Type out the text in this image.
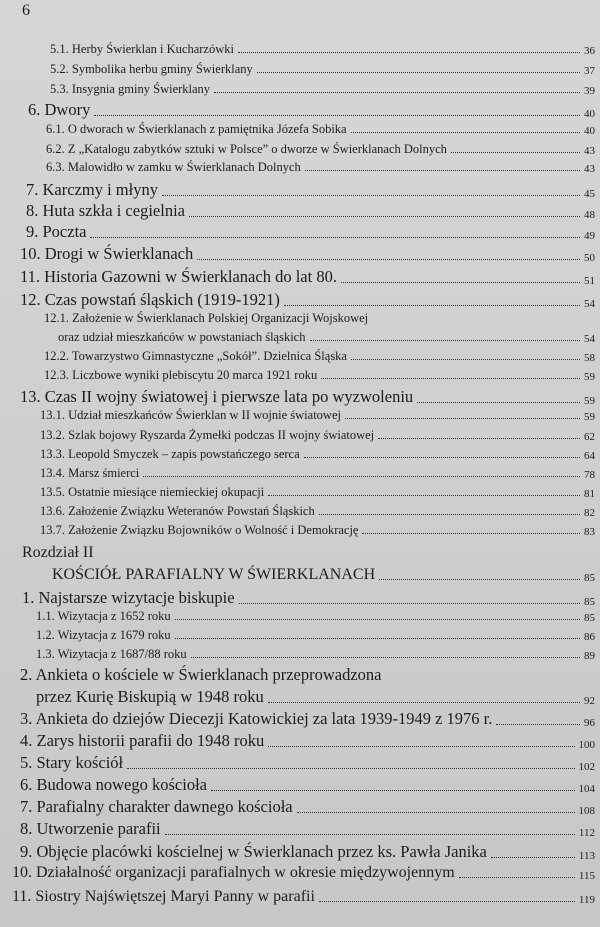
6
5.1. Herby Świerklan i Kucharzówki	36
5.2. Symbolika herbu gminy Świerklany	37
5.3. Insygnia gminy Świerklany	39
6. Dwory	40
6.1. O dworach w Świerklanach z pamiętnika Józefa Sobika	40
6.2. Z „Katalogu zabytków sztuki w Polsce” o dworze w Świerklanach Dolnych	43
6.3. Malowidło w zamku w Świerklanach Dolnych	43
7. Karczmy i młyny	45
8. Huta szkła i cegielnia	48
9. Poczta	49
10. Drogi w Świerklanach	50
11. Historia Gazowni w Świerklanach do lat 80.	51
12. Czas powstań śląskich (1919-1921)	54
12.1. Założenie w Świerklanach Polskiej Organizacji Wojskowej
oraz udział mieszkańców w powstaniach śląskich	54
12.2. Towarzystwo Gimnastyczne „Sokół”. Dzielnica Śląska	58
12.3. Liczbowe wyniki plebiscytu 20 marca 1921 roku	59
13. Czas II wojny światowej i pierwsze lata po wyzwoleniu	59
13.1. Udział mieszkańców Świerklan w II wojnie światowej	59
13.2. Szlak bojowy Ryszarda Żymełki podczas II wojny światowej	62
13.3. Leopold Smyczek – zapis powstańczego serca	64
13.4. Marsz śmierci	78
13.5. Ostatnie miesiące niemieckiej okupacji	81
13.6. Założenie Związku Weteranów Powstań Śląskich	82
13.7. Założenie Związku Bojowników o Wolność i Demokrację	83
Rozdział II
KOŚCIÓŁ PARAFIALNY W ŚWIERKLANACH	85
1. Najstarsze wizytacje biskupie	85
1.1. Wizytacja z 1652 roku	85
1.2. Wizytacja z 1679 roku	86
1.3. Wizytacja z 1687/88 roku	89
2. Ankieta o kościele w Świerklanach przeprowadzona
przez Kurię Biskupią w 1948 roku	92
3. Ankieta do dziejów Diecezji Katowickiej za lata 1939-1949 z 1976 r.	96
4. Zarys historii parafii do 1948 roku	100
5. Stary kościół	102
6. Budowa nowego kościoła	104
7. Parafialny charakter dawnego kościoła	108
8. Utworzenie parafii	112
9. Objęcie placówki kościelnej w Świerklanach przez ks. Pawła Janika	113
10. Działalność organizacji parafialnych w okresie międzywojennym	115
11. Siostry Najświętszej Maryi Panny w parafii	119
